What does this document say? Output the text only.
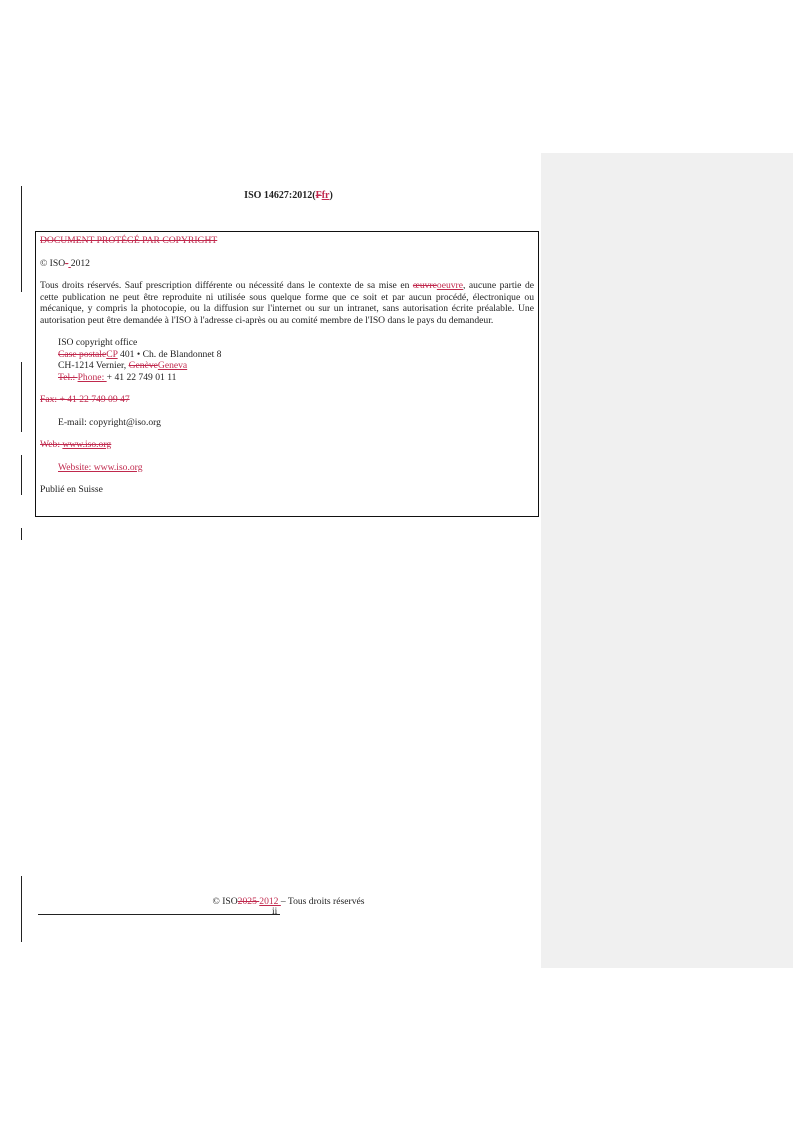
ISO 14627:2012(Ffr)

DOCUMENT PROTÉGÉ PAR COPYRIGHT

© ISO- 2012

Tous droits réservés. Sauf prescription différente ou nécessité dans le contexte de sa mise en œuvreoeuvre, aucune partie de cette publication ne peut être reproduite ni utilisée sous quelque forme que ce soit et par aucun procédé, électronique ou mécanique, y compris la photocopie, ou la diffusion sur l'internet ou sur un intranet, sans autorisation écrite préalable. Une autorisation peut être demandée à l'ISO à l'adresse ci-après ou au comité membre de l'ISO dans le pays du demandeur.

ISO copyright office

Case postaleCP 401 • Ch. de Blandonnet 8

CH-1214 Vernier, GenèveGeneva

Tel.: Phone: + 41 22 749 01 11

Fax: + 41 22 749 09 47

E-mail: copyright@iso.org

Web: www.iso.org

Website: www.iso.org

Publié en Suisse

© ISO2025 2012 – Tous droits réservés
ii
